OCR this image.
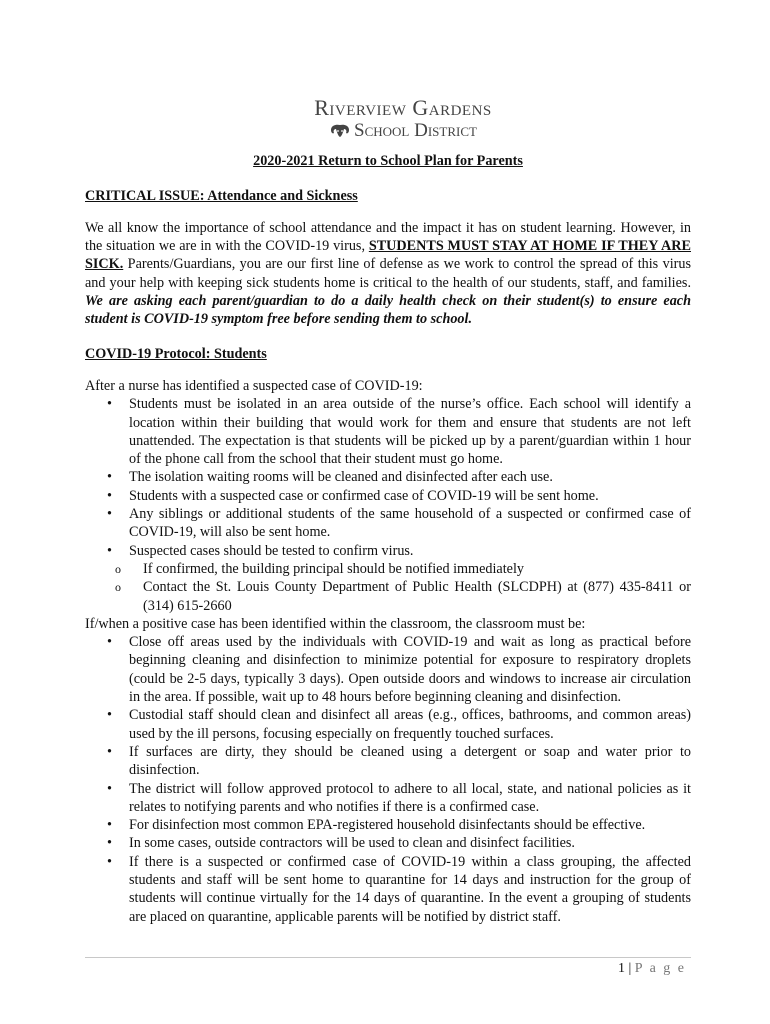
Riverview Gardens
School District
2020-2021 Return to School Plan for Parents
CRITICAL ISSUE: Attendance and Sickness

We all know the importance of school attendance and the impact it has on student learning. However, in the situation we are in with the COVID-19 virus, STUDENTS MUST STAY AT HOME IF THEY ARE SICK. Parents/Guardians, you are our first line of defense as we work to control the spread of this virus and your help with keeping sick students home is critical to the health of our students, staff, and families. We are asking each parent/guardian to do a daily health check on their student(s) to ensure each student is COVID-19 symptom free before sending them to school.

COVID-19 Protocol: Students
After a nurse has identified a suspected case of COVID-19:
• Students must be isolated in an area outside of the nurse’s office. Each school will identify a location within their building that would work for them and ensure that students are not left unattended. The expectation is that students will be picked up by a parent/guardian within 1 hour of the phone call from the school that their student must go home.
• The isolation waiting rooms will be cleaned and disinfected after each use.
• Students with a suspected case or confirmed case of COVID-19 will be sent home.
• Any siblings or additional students of the same household of a suspected or confirmed case of COVID-19, will also be sent home.
• Suspected cases should be tested to confirm virus.
o If confirmed, the building principal should be notified immediately
o Contact the St. Louis County Department of Public Health (SLCDPH) at (877) 435-8411 or (314) 615-2660
If/when a positive case has been identified within the classroom, the classroom must be:
• Close off areas used by the individuals with COVID-19 and wait as long as practical before beginning cleaning and disinfection to minimize potential for exposure to respiratory droplets (could be 2-5 days, typically 3 days). Open outside doors and windows to increase air circulation in the area. If possible, wait up to 48 hours before beginning cleaning and disinfection.
• Custodial staff should clean and disinfect all areas (e.g., offices, bathrooms, and common areas) used by the ill persons, focusing especially on frequently touched surfaces.
• If surfaces are dirty, they should be cleaned using a detergent or soap and water prior to disinfection.
• The district will follow approved protocol to adhere to all local, state, and national policies as it relates to notifying parents and who notifies if there is a confirmed case.
• For disinfection most common EPA-registered household disinfectants should be effective.
• In some cases, outside contractors will be used to clean and disinfect facilities.
• If there is a suspected or confirmed case of COVID-19 within a class grouping, the affected students and staff will be sent home to quarantine for 14 days and instruction for the group of students will continue virtually for the 14 days of quarantine. In the event a grouping of students are placed on quarantine, applicable parents will be notified by district staff.
1 | P a g e
